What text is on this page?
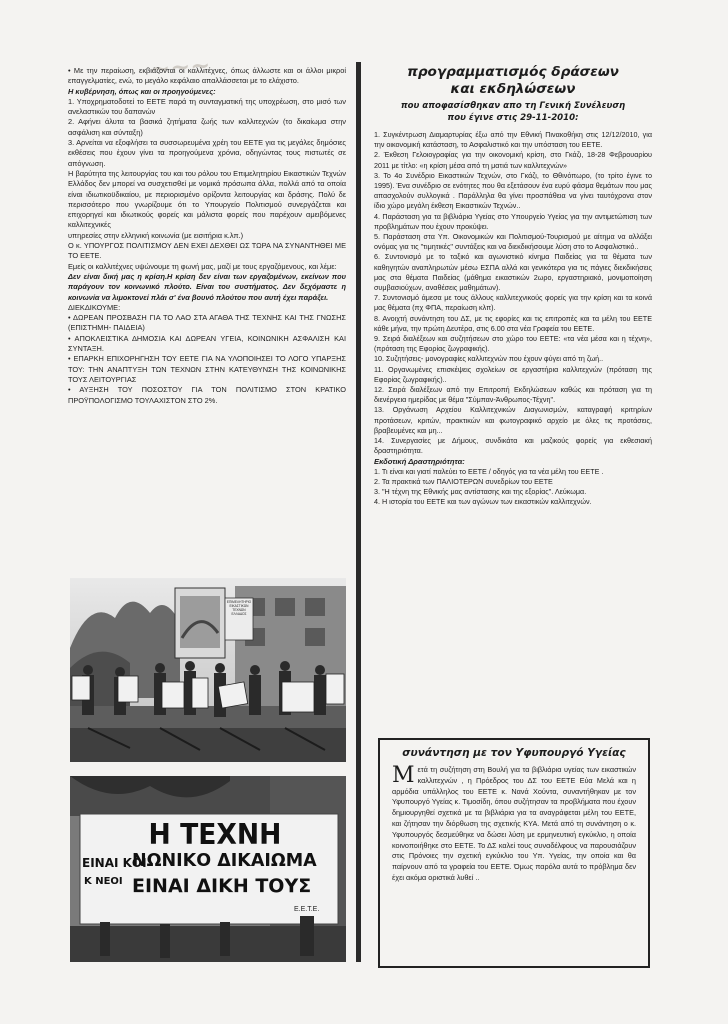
~~~

• Με την περαίωση, εκβιάζονται οι καλλιτέχνες, όπως άλλωστε και οι άλλοι μικροί επαγγελματίες, ενώ, το μεγάλο κεφάλαιο απαλλάσσεται με το ελάχιστο.

Η κυβέρνηση, όπως και οι προηγούμενες:

1. Υποχρηματοδοτεί το ΕΕΤΕ παρά τη συνταγματική της υποχρέωση, στο μισό των ανελαστικών του δαπανών

2. Αφήνει άλυτα τα βασικά ζητήματα ζωής των καλλιτεχνών (το δικαίωμα στην ασφάλιση και σύνταξη)

3. Αρνείται να εξοφλήσει τα συσσωρευμένα χρέη του ΕΕΤΕ για τις μεγάλες δημόσιες εκθέσεις που έχουν γίνει τα προηγούμενα χρόνια, οδηγώντας τους πιστωτές σε απόγνωση.

Η βαρύτητα της λειτουργίας του και του ρόλου του Επιμελητηρίου Εικαστικών Τεχνών Ελλάδος δεν μπορεί να συσχετισθεί με νομικά πρόσωπα άλλα, πολλά από τα οποία είναι ιδιωτικοϋδικαίου, με περιορισμένο ορίζοντα λειτουργίας και δράσης. Πολύ δε περισσότερο που γνωρίζουμε ότι το Υπουργείο Πολιτισμού συνεργάζεται και επιχορηγεί και ιδιωτικούς φορείς και μάλιστα φορείς που παρέχουν αμειβόμενες καλλιτεχνικές

υπηρεσίες στην ελληνική κοινωνία (με εισιτήρια κ.λπ.)

Ο κ. ΥΠΟΥΡΓΟΣ ΠΟΛΙΤΙΣΜΟΥ ΔΕΝ ΕΧΕΙ ΔΕΧΘΕΙ ΩΣ ΤΩΡΑ ΝΑ ΣΥΝΑΝΤΗΘΕΙ ΜΕ ΤΟ ΕΕΤΕ.

Εμείς οι καλλιτέχνες υψώνουμε τη φωνή μας, μαζί με τους εργαζόμενους, και λέμε:

Δεν είναι δική μας η κρίση.Η κρίση δεν είναι των εργαζομένων, εκείνων που παράγουν τον κοινωνικό πλούτο. Είναι του συστήματος. Δεν δεχόμαστε η κοινωνία να λιμοκτονεί πλάι σ' ένα βουνό πλούτου που αυτή έχει παράξει.

ΔΙΕΚΔΙΚΟΥΜΕ:

• ΔΩΡΕΑΝ ΠΡΟΣΒΑΣΗ ΓΙΑ ΤΟ ΛΑΟ ΣΤΑ ΑΓΑΘΑ ΤΗΣ ΤΕΧΝΗΣ ΚΑΙ ΤΗΣ ΓΝΩΣΗΣ (ΕΠΙΣΤΗΜΗ- ΠΑΙΔΕΙΑ)

• ΑΠΟΚΛΕΙΣΤΙΚΑ ΔΗΜΟΣΙΑ ΚΑΙ ΔΩΡΕΑΝ ΥΓΕΙΑ, ΚΟΙΝΩΝΙΚΗ ΑΣΦΑΛΙΣΗ ΚΑΙ ΣΥΝΤΑΞΗ.

• ΕΠΑΡΚΗ ΕΠΙΧΟΡΗΓΗΣΗ ΤΟΥ ΕΕΤΕ ΓΙΑ ΝΑ ΥΛΟΠΟΙΗΣΕΙ ΤΟ ΛΟΓΟ ΥΠΑΡΞΗΣ ΤΟΥ: ΤΗΝ ΑΝΑΠΤΥΞΗ ΤΩΝ ΤΕΧΝΩΝ ΣΤΗΝ ΚΑΤΕΥΘΥΝΣΗ ΤΗΣ ΚΟΙΝΩΝΙΚΗΣ ΤΟΥΣ ΛΕΙΤΟΥΡΓΙΑΣ

• ΑΥΞΗΣΗ ΤΟΥ ΠΟΣΟΣΤΟΥ ΓΙΑ ΤΟΝ ΠΟΛΙΤΙΣΜΟ ΣΤΟΝ ΚΡΑΤΙΚΟ ΠΡΟΫΠΟΛΟΓΙΣΜΟ ΤΟΥΛΑΧΙΣΤΟΝ ΣΤΟ 2%.

ΕΠΙΜΕΛΗΤΗΡΙΟ ΕΙΚΑΣΤΙΚΩΝ ΤΕΧΝΩΝ ΕΛΛΑΔΟΣ
Η ΤΕΧΝΗ
ΕΙΝΑΙ ΚΟΙ
ΝΩΝΙΚΟ ΔΙΚΑΙΩΜΑ
Κ ΝΕΟΙ ΕΙΝΑΙ ΔΙΚΗ ΤΟΥΣ
Ε.Ε.Τ.Ε.

προγραμματισμός δράσεων

και εκδηλώσεων

που αποφασίσθηκαν απο τη Γενική Συνέλευση
που έγινε στις 29-11-2010:

1. Συγκέντρωση Διαμαρτυρίας έξω από την Εθνική Πινακοθήκη στις 12/12/2010, για την οικονομική κατάσταση, το Ασφαλιστικό και την υπόσταση του ΕΕΤΕ.

2. Έκθεση Γελοιογραφίας για την οικονομική κρίση, στο Γκάζι, 18-28 Φεβρουαρίου 2011 με τίτλο: «η κρίση μέσα από τη ματιά των καλλιτεχνών»

3. Το 4ο Συνέδριο Εικαστικών Τεχνών, στο Γκάζι, το Θθινόπωρο, (το τρίτο έγινε το 1995). Ένα συνέδριο σε ενότητες που θα εξετάσουν ένα ευρύ φάσμα θεμάτων που μας απασχολούν συλλογικά . Παράλληλα θα γίνει προσπάθεια να γίνει ταυτόχρονα στον ίδιο χώρο μεγάλη έκθεση Εικαστικών Τεχνών..

4. Παράσταση για τα βιβλιάρια Υγείας στο Υπουργείο Υγείας για την αντιμετώπιση των προβλημάτων που έχουν προκύψει.

5. Παράσταση στα Υπ. Οικονομικών και Πολιτισμού-Τουρισμού με αίτημα να αλλάξει ονόμας για τις "τιμητικές" συντάξεις και να διεκδικήσουμε λύση στο το Ασφαλιστικό..

6. Συντονισμό με το ταξικό και αγωνιστικό κίνημα Παιδείας για τα θέματα των καθηγητών αναπληρωτών μέσω ΕΣΠΑ αλλά και γενικότερα για τις πάγιες διεκδικήσεις μας στα θέματα Παιδείας (μάθημα εικαστικών 2ωρο, εργαστηριακό, μονιμοποίηση συμβασιούχων, αναθέσεις μαθημάτων).

7. Συντονισμό άμεσα με τους άλλους καλλιτεχνικούς φορείς για την κρίση και τα κοινά μας θέματα (πχ ΦΠΑ, περαίωση κλπ).

8. Ανοιχτή συνάντηση του ΔΣ, με τις εφορίες και τις επιτροπές και τα μέλη του ΕΕΤΕ κάθε μήνα, την πρώτη Δευτέρα, στις 6.00 στα νέα Γραφεία του ΕΕΤΕ.

9. Σειρά διαλέξεων και συζητήσεων στο χώρο του ΕΕΤΕ: «τα νέα μέσα και η τέχνη», (πρόταση της Εφορίας ζωγραφικής).

10. Συζητήσεις- μονογραφίες καλλιτεχνών που έχουν φύγει από τη ζωή..

11. Οργανωμένες επισκέψεις σχολείων σε εργαστήρια καλλιτεχνών (πρόταση της Εφορίας ζωγραφικής)..

12. Σειρά διαλέξεων από την Επιτροπή Εκδηλώσεων καθώς και πρόταση για τη διενέργεια ημερίδας με θέμα "Σύμπαν-Άνθρωπος-Τέχνη".

13. Οργάνωση Αρχείου Καλλιτεχνικών Διαγωνισμών, καταγραφή κριτηρίων προτάσεων, κριτών, πρακτικών και φωτογραφικό αρχείο με όλες τις προτάσεις, βραβευμένες και μη...

14. Συνεργασίες με Δήμους, συνδικάτα και μαζικούς φορείς για εκθεσιακή δραστηριότητα.

Εκδοτική Δραστηριότητα:

1. Τι είναι και γιατί παλεύει το ΕΕΤΕ / οδηγός για τα νέα μέλη του ΕΕΤΕ .

2. Τα πρακτικά των ΠΑΛΙΟΤΕΡΩΝ συνεδρίων του ΕΕΤΕ

3. "Η τέχνη της Εθνικής μας αντίστασης και της εξορίας". Λεύκωμα.

4. Η ιστορία του ΕΕΤΕ και των αγώνων των εικαστικών καλλιτεχνών.

συνάντηση με τον Υφυπουργό Υγείας
Μ ετά τη συζήτηση στη Βουλή για τα βιβλιάρια υγείας των εικαστικών καλλιτεχνών , η Πρόεδρος του ΔΣ του ΕΕΤΕ Εύα Μελά και η αρμόδια υπάλληλος του ΕΕΤΕ κ. Νανά Χούντα, συναντήθηκαν με τον Υφυπουργό Υγείας κ. Τιμοσίδη, όπου συζήτησαν τα προβλήματα που έχουν δημιουργηθεί σχετικά με τα βιβλιάρια για τα αναγράφεται μέλη του ΕΕΤΕ, και ζήτησαν την διόρθωση της σχετικής ΚΥΑ. Μετά από τη συνάντηση ο κ. Υφυπουργός δεσμεύθηκε να δώσει λύση με ερμηνευτική εγκύκλιο, η οποία κοινοποιήθηκε στο ΕΕΤΕ. Το ΔΣ καλεί τους συναδέλφους να παρουσιάζουν στις Πρόνοιες την σχετική εγκύκλιο του Υπ. Υγείας, την οποία και θα παίρνουν από τα γραφεία του ΕΕΤΕ. Όμως παρόλα αυτά το πρόβλημα δεν έχει ακόμα οριστικά λυθεί ..
